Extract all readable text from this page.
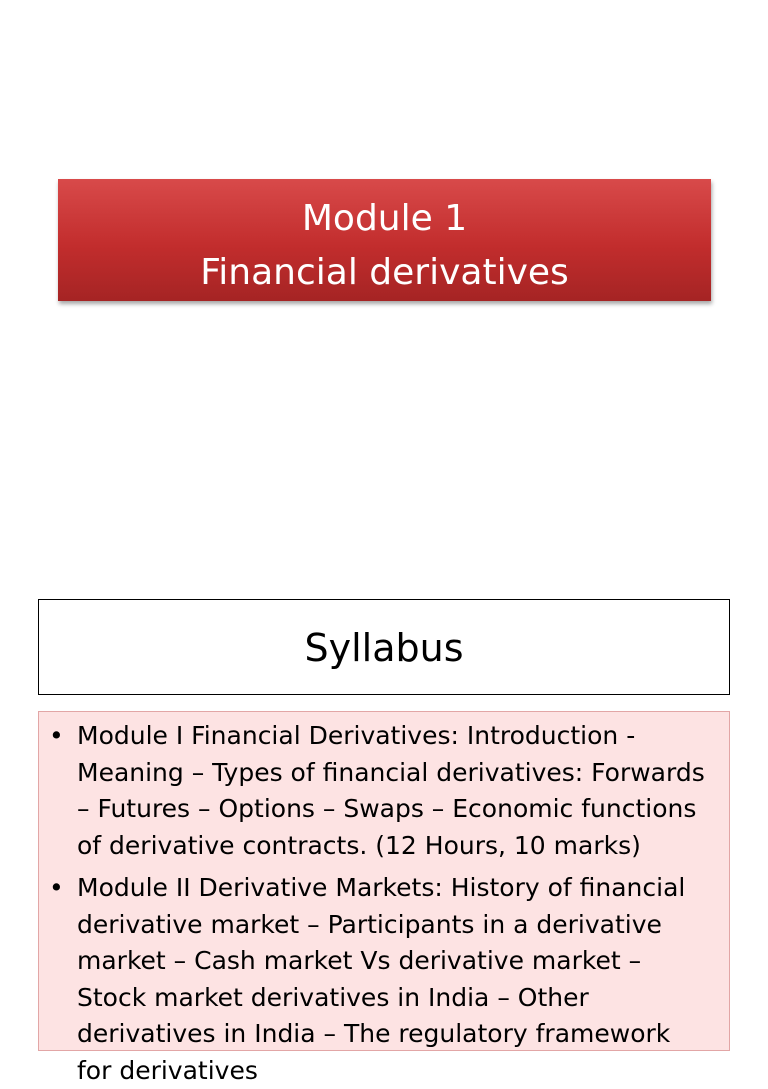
Module 1
Financial derivatives
Syllabus
• Module I Financial Derivatives: Introduction - Meaning – Types of financial derivatives: Forwards – Futures – Options – Swaps – Economic functions of derivative contracts. (12 Hours, 10 marks)
• Module II Derivative Markets: History of financial derivative market – Participants in a derivative market – Cash market Vs derivative market – Stock market derivatives in India – Other derivatives in India – The regulatory framework for derivatives
